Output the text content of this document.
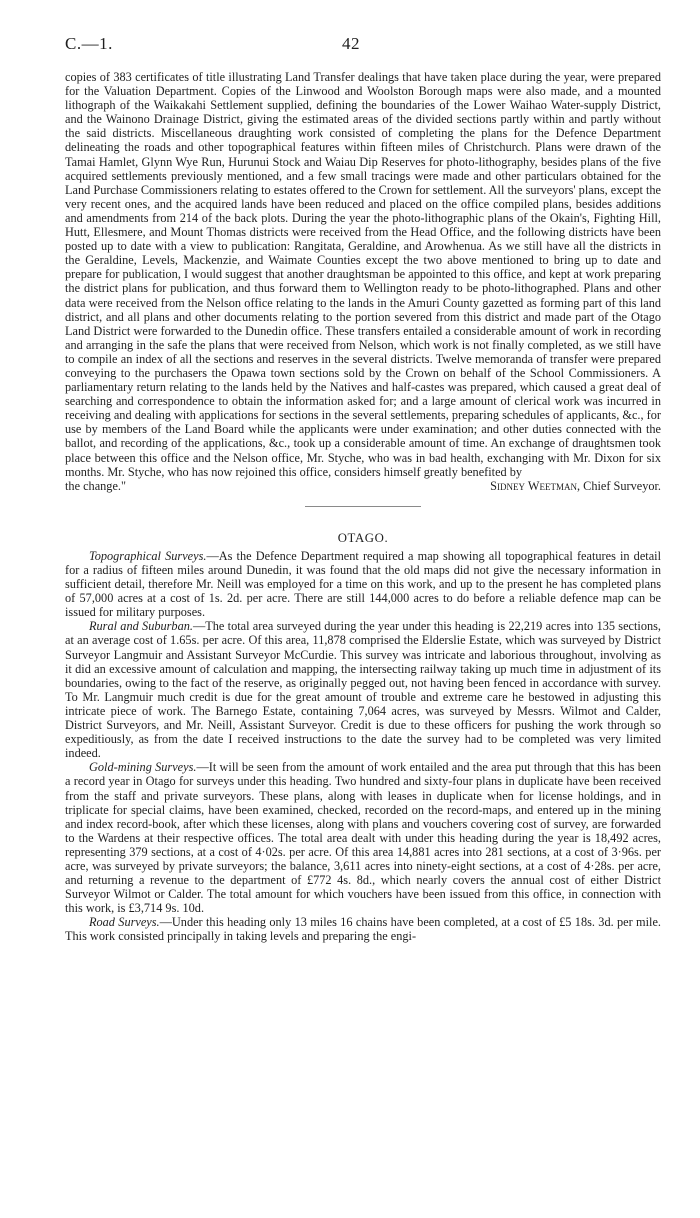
C.—1.	42

copies of 383 certificates of title illustrating Land Transfer dealings that have taken place during the year, were prepared for the Valuation Department. Copies of the Linwood and Woolston Borough maps were also made, and a mounted lithograph of the Waikakahi Settlement supplied, defining the boundaries of the Lower Waihao Water-supply District, and the Wainono Drainage District, giving the estimated areas of the divided sections partly within and partly without the said districts. Miscellaneous draughting work consisted of completing the plans for the Defence Department delineating the roads and other topographical features within fifteen miles of Christchurch. Plans were drawn of the Tamai Hamlet, Glynn Wye Run, Hurunui Stock and Waiau Dip Reserves for photo-lithography, besides plans of the five acquired settlements previously mentioned, and a few small tracings were made and other particulars obtained for the Land Purchase Commissioners relating to estates offered to the Crown for settlement. All the surveyors' plans, except the very recent ones, and the acquired lands have been reduced and placed on the office compiled plans, besides additions and amendments from 214 of the back plots. During the year the photo-lithographic plans of the Okain's, Fighting Hill, Hutt, Ellesmere, and Mount Thomas districts were received from the Head Office, and the following districts have been posted up to date with a view to publication: Rangitata, Geraldine, and Arowhenua. As we still have all the districts in the Geraldine, Levels, Mackenzie, and Waimate Counties except the two above mentioned to bring up to date and prepare for publication, I would suggest that another draughtsman be appointed to this office, and kept at work preparing the district plans for publication, and thus forward them to Wellington ready to be photo-lithographed. Plans and other data were received from the Nelson office relating to the lands in the Amuri County gazetted as forming part of this land district, and all plans and other documents relating to the portion severed from this district and made part of the Otago Land District were forwarded to the Dunedin office. These transfers entailed a considerable amount of work in recording and arranging in the safe the plans that were received from Nelson, which work is not finally completed, as we still have to compile an index of all the sections and reserves in the several districts. Twelve memoranda of transfer were prepared conveying to the purchasers the Opawa town sections sold by the Crown on behalf of the School Commissioners. A parliamentary return relating to the lands held by the Natives and half-castes was prepared, which caused a great deal of searching and correspondence to obtain the information asked for; and a large amount of clerical work was incurred in receiving and dealing with applications for sections in the several settlements, preparing schedules of applicants, &c., for use by members of the Land Board while the applicants were under examination; and other duties connected with the ballot, and recording of the applications, &c., took up a considerable amount of time. An exchange of draughtsmen took place between this office and the Nelson office, Mr. Styche, who was in bad health, exchanging with Mr. Dixon for six months. Mr. Styche, who has now rejoined this office, considers himself greatly benefited by

the change."	Sidney Weetman, Chief Surveyor.

OTAGO.

Topographical Surveys.—As the Defence Department required a map showing all topographical features in detail for a radius of fifteen miles around Dunedin, it was found that the old maps did not give the necessary information in sufficient detail, therefore Mr. Neill was employed for a time on this work, and up to the present he has completed plans of 57,000 acres at a cost of 1s. 2d. per acre. There are still 144,000 acres to do before a reliable defence map can be issued for military purposes.

Rural and Suburban.—The total area surveyed during the year under this heading is 22,219 acres into 135 sections, at an average cost of 1.65s. per acre. Of this area, 11,878 comprised the Elderslie Estate, which was surveyed by District Surveyor Langmuir and Assistant Surveyor McCurdie. This survey was intricate and laborious throughout, involving as it did an excessive amount of calculation and mapping, the intersecting railway taking up much time in adjustment of its boundaries, owing to the fact of the reserve, as originally pegged out, not having been fenced in accordance with survey. To Mr. Langmuir much credit is due for the great amount of trouble and extreme care he bestowed in adjusting this intricate piece of work. The Barnego Estate, containing 7,064 acres, was surveyed by Messrs. Wilmot and Calder, District Surveyors, and Mr. Neill, Assistant Surveyor. Credit is due to these officers for pushing the work through so expeditiously, as from the date I received instructions to the date the survey had to be completed was very limited indeed.

Gold-mining Surveys.—It will be seen from the amount of work entailed and the area put through that this has been a record year in Otago for surveys under this heading. Two hundred and sixty-four plans in duplicate have been received from the staff and private surveyors. These plans, along with leases in duplicate when for license holdings, and in triplicate for special claims, have been examined, checked, recorded on the record-maps, and entered up in the mining and index record-book, after which these licenses, along with plans and vouchers covering cost of survey, are forwarded to the Wardens at their respective offices. The total area dealt with under this heading during the year is 18,492 acres, representing 379 sections, at a cost of 4·02s. per acre. Of this area 14,881 acres into 281 sections, at a cost of 3·96s. per acre, was surveyed by private surveyors; the balance, 3,611 acres into ninety-eight sections, at a cost of 4·28s. per acre, and returning a revenue to the department of £772 4s. 8d., which nearly covers the annual cost of either District Surveyor Wilmot or Calder. The total amount for which vouchers have been issued from this office, in connection with this work, is £3,714 9s. 10d.

Road Surveys.—Under this heading only 13 miles 16 chains have been completed, at a cost of £5 18s. 3d. per mile. This work consisted principally in taking levels and preparing the engi-
